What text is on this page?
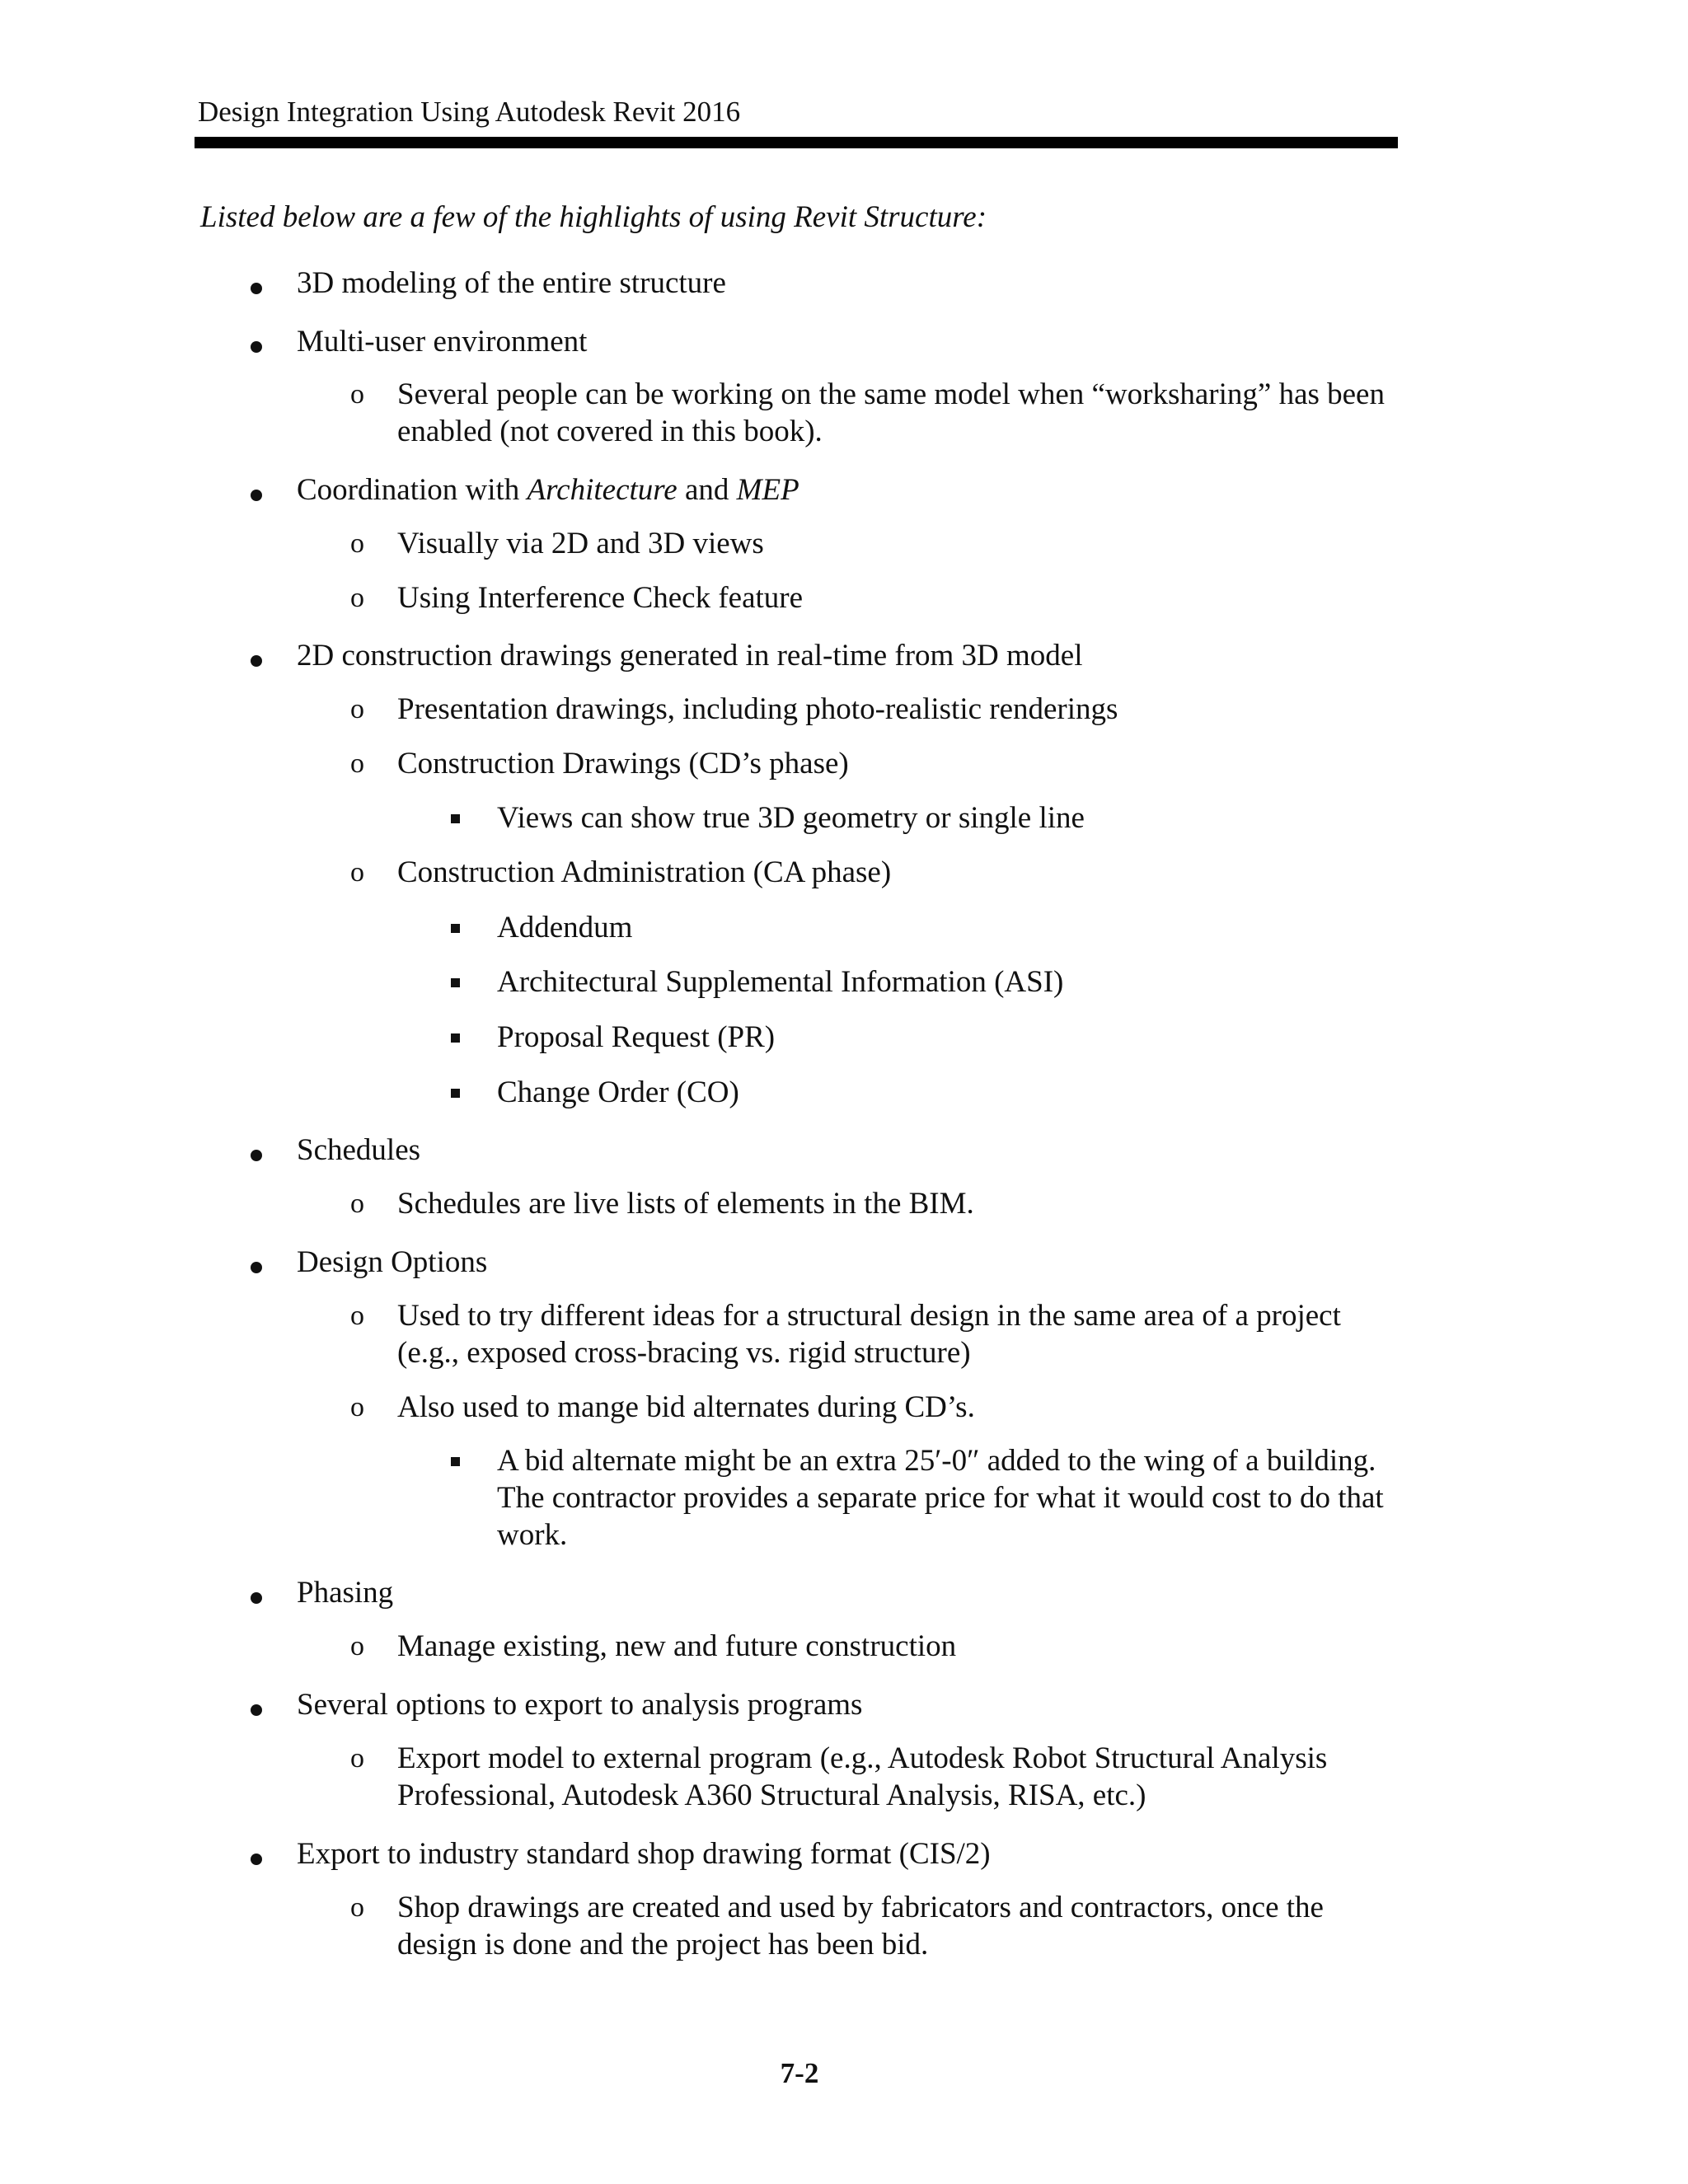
Design Integration Using Autodesk Revit 2016
Listed below are a few of the highlights of using Revit Structure:
3D modeling of the entire structure
Multi-user environment
o Several people can be working on the same model when “worksharing” has been enabled (not covered in this book).
Coordination with Architecture and MEP
o Visually via 2D and 3D views
o Using Interference Check feature
2D construction drawings generated in real-time from 3D model
o Presentation drawings, including photo-realistic renderings
o Construction Drawings (CD’s phase)
Views can show true 3D geometry or single line
o Construction Administration (CA phase)
Addendum
Architectural Supplemental Information (ASI)
Proposal Request (PR)
Change Order (CO)
Schedules
o Schedules are live lists of elements in the BIM.
Design Options
o Used to try different ideas for a structural design in the same area of a project (e.g., exposed cross-bracing vs. rigid structure)
o Also used to mange bid alternates during CD’s.
A bid alternate might be an extra 25′-0″ added to the wing of a building. The contractor provides a separate price for what it would cost to do that work.
Phasing
o Manage existing, new and future construction
Several options to export to analysis programs
o Export model to external program (e.g., Autodesk Robot Structural Analysis Professional, Autodesk A360 Structural Analysis, RISA, etc.)
Export to industry standard shop drawing format (CIS/2)
o Shop drawings are created and used by fabricators and contractors, once the design is done and the project has been bid.
7-2
